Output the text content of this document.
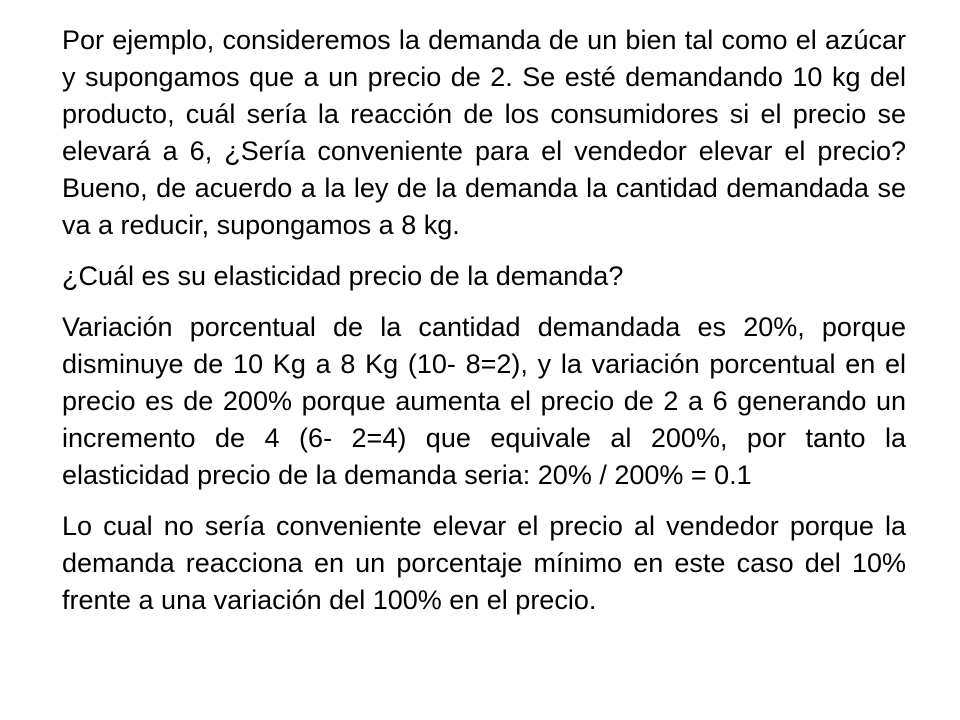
Por ejemplo, consideremos la demanda de un bien tal como el azúcar y supongamos que a un precio de 2. Se esté demandando 10 kg del producto, cuál sería la reacción de los consumidores si el precio se elevará a 6, ¿Sería conveniente para el vendedor elevar el precio? Bueno, de acuerdo a la ley de la demanda la cantidad demandada se va a reducir, supongamos a 8 kg.

¿Cuál es su elasticidad precio de la demanda?

Variación porcentual de la cantidad demandada es 20%, porque disminuye de 10 Kg a 8 Kg (10- 8=2), y la variación porcentual en el precio es de 200% porque aumenta el precio de 2 a 6 generando un incremento de 4 (6- 2=4) que equivale al 200%, por tanto la elasticidad precio de la demanda seria: 20% / 200% = 0.1

Lo cual no sería conveniente elevar el precio al vendedor porque la demanda reacciona en un porcentaje mínimo en este caso del 10% frente a una variación del 100% en el precio.
